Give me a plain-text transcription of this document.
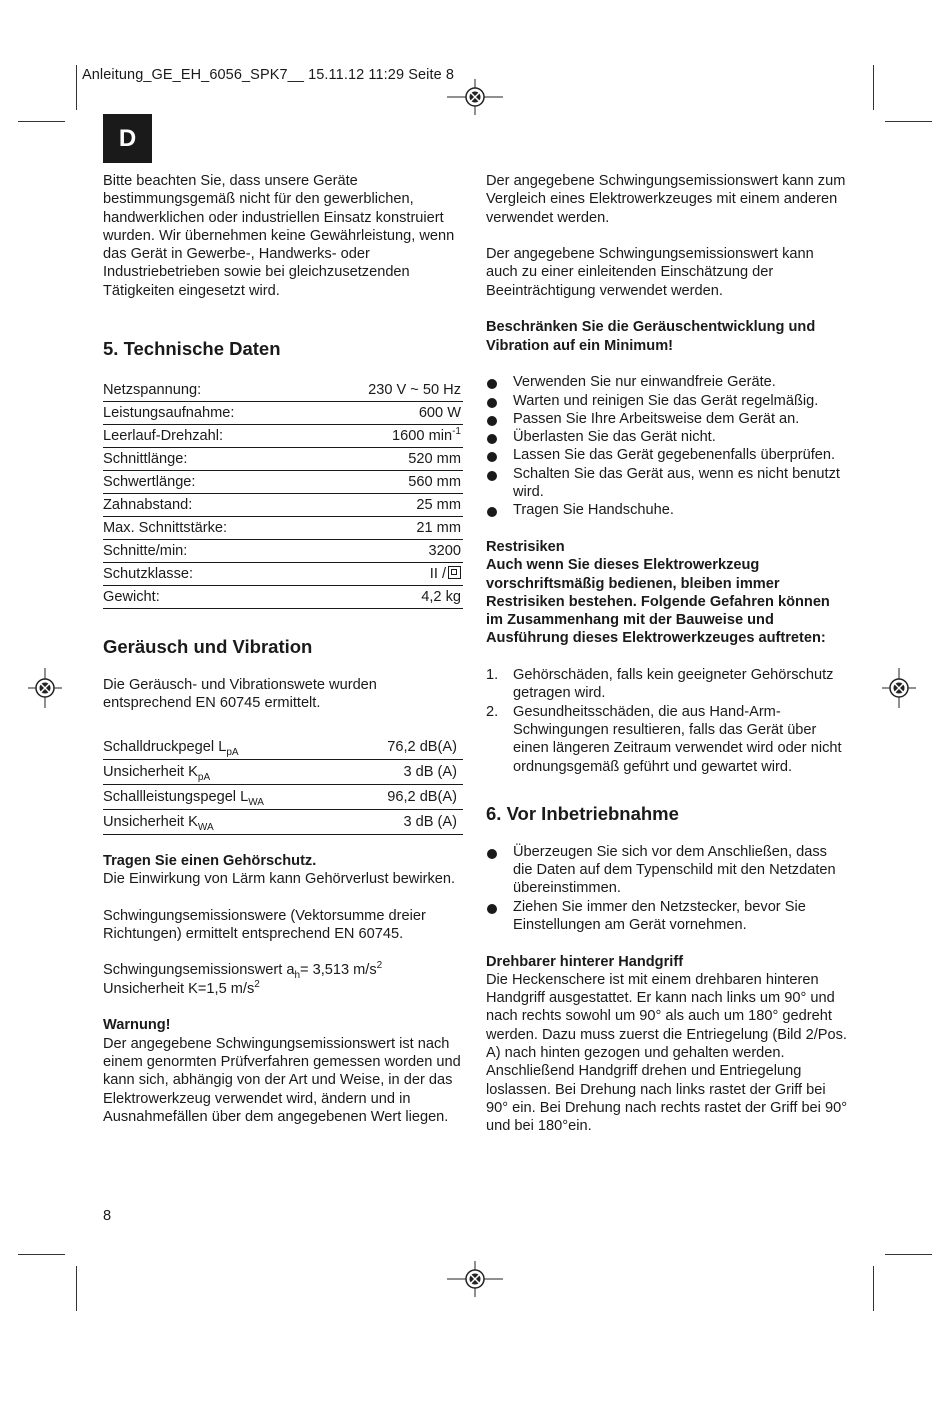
Anleitung_GE_EH_6056_SPK7__ 15.11.12 11:29 Seite 8
D

Bitte beachten Sie, dass unsere Geräte bestimmungsgemäß nicht für den gewerblichen, handwerklichen oder industriellen Einsatz konstruiert wurden. Wir übernehmen keine Gewährleistung, wenn das Gerät in Gewerbe-, Handwerks- oder Industriebetrieben sowie bei gleichzusetzenden Tätigkeiten eingesetzt wird.

5. Technische Daten
Netzspannung:	230 V ~ 50 Hz
Leistungsaufnahme:	600 W
Leerlauf-Drehzahl:	1600 $\min^{-1}$
Schnittlänge:	520 mm
Schwertlänge:	560 mm
Zahnabstand:	25 mm
Max. Schnittstärke:	21 mm
Schnitte/min:	3200
Schutzklasse:	II /
Gewicht:	4,2 kg
Geräusch und Vibration

Die Geräusch- und Vibrationswete wurden entsprechend EN 60745 ermittelt.

Schalldruckpegel $L_{pA}$	76,2 dB(A)
Unsicherheit $K_{pA}$	3 dB (A)
Schallleistungspegel $L_{WA}$	96,2 dB(A)
Unsicherheit $K_{WA}$	3 dB (A)

Tragen Sie einen Gehörschutz.

Die Einwirkung von Lärm kann Gehörverlust bewirken.

Schwingungsemissionswere (Vektorsumme dreier Richtungen) ermittelt entsprechend EN 60745.

Schwingungsemissionswert $a_h= 3,513$ $m/s^2$

Unsicherheit K=1,5 $m/s^2$

Warnung!

Der angegebene Schwingungsemissionswert ist nach einem genormten Prüfverfahren gemessen worden und kann sich, abhängig von der Art und Weise, in der das Elektrowerkzeug verwendet wird, ändern und in Ausnahmefällen über dem angegebenen Wert liegen.

Der angegebene Schwingungsemissionswert kann zum Vergleich eines Elektrowerkzeuges mit einem anderen verwendet werden.

Der angegebene Schwingungsemissionswert kann auch zu einer einleitenden Einschätzung der Beeinträchtigung verwendet werden.

Beschränken Sie die Geräuschentwicklung und Vibration auf ein Minimum!

Verwenden Sie nur einwandfreie Geräte.
Warten und reinigen Sie das Gerät regelmäßig.
Passen Sie Ihre Arbeitsweise dem Gerät an.
Überlasten Sie das Gerät nicht.
Lassen Sie das Gerät gegebenenfalls überprüfen.
Schalten Sie das Gerät aus, wenn es nicht benutzt wird.
Tragen Sie Handschuhe.

Restrisiken

Auch wenn Sie dieses Elektrowerkzeug vorschriftsmäßig bedienen, bleiben immer Restrisiken bestehen. Folgende Gefahren können im Zusammenhang mit der Bauweise und Ausführung dieses Elektrowerkzeuges auftreten:

1. Gehörschäden, falls kein geeigneter Gehörschutz getragen wird.
2. Gesundheitsschäden, die aus Hand-Arm-Schwingungen resultieren, falls das Gerät über einen längeren Zeitraum verwendet wird oder nicht ordnungsgemäß geführt und gewartet wird.
6. Vor Inbetriebnahme
Überzeugen Sie sich vor dem Anschließen, dass die Daten auf dem Typenschild mit den Netzdaten übereinstimmen.
Ziehen Sie immer den Netzstecker, bevor Sie Einstellungen am Gerät vornehmen.

Drehbarer hinterer Handgriff

Die Heckenschere ist mit einem drehbaren hinteren Handgriff ausgestattet. Er kann nach links um 90° und nach rechts sowohl um 90° als auch um 180° gedreht werden. Dazu muss zuerst die Entriegelung (Bild 2/Pos. A) nach hinten gezogen und gehalten werden. Anschließend Handgriff drehen und Entriegelung loslassen. Bei Drehung nach links rastet der Griff bei 90° ein. Bei Drehung nach rechts rastet der Griff bei 90° und bei 180°ein.

8
